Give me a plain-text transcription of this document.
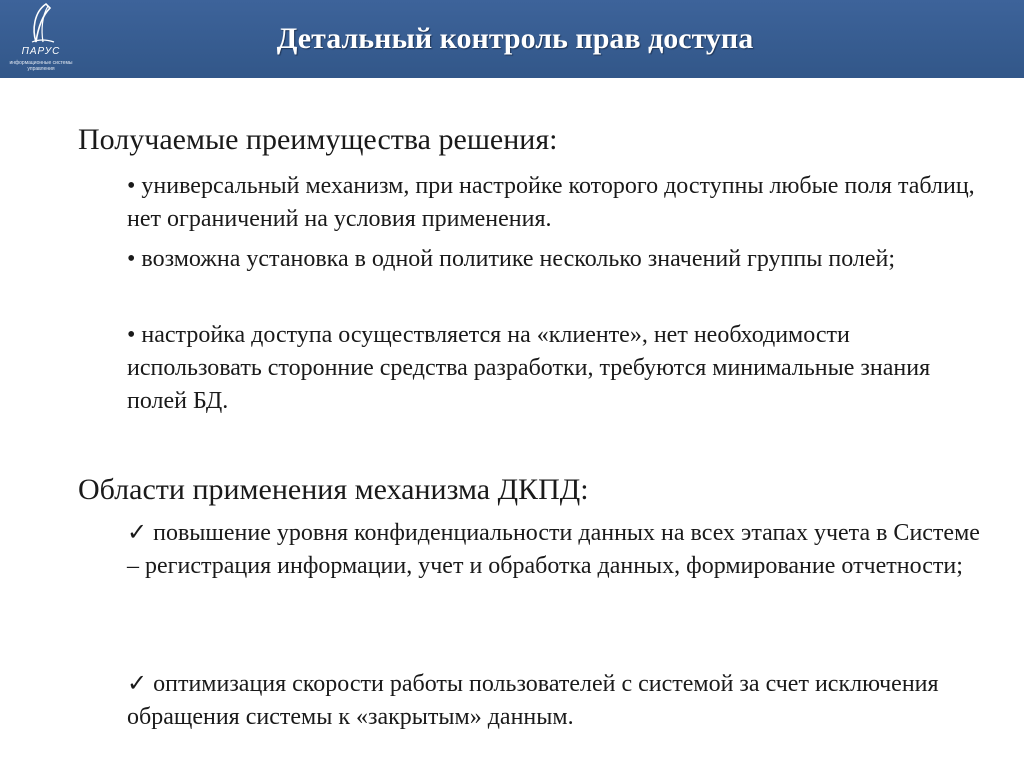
ПАРУС
информационные системы управления
Детальный контроль прав доступа

Получаемые преимущества решения:

• универсальный механизм, при настройке которого доступны любые поля таблиц, нет ограничений на условия применения.

• возможна установка в одной политике несколько значений группы полей;

• настройка доступа осуществляется на «клиенте», нет необходимости использовать сторонние средства разработки, требуются минимальные знания полей БД.

Области применения механизма ДКПД:

✓ повышение уровня конфиденциальности данных на всех этапах учета в Системе – регистрация информации, учет и обработка данных, формирование отчетности;

✓ оптимизация скорости работы пользователей с системой за счет исключения обращения системы к «закрытым» данным.
